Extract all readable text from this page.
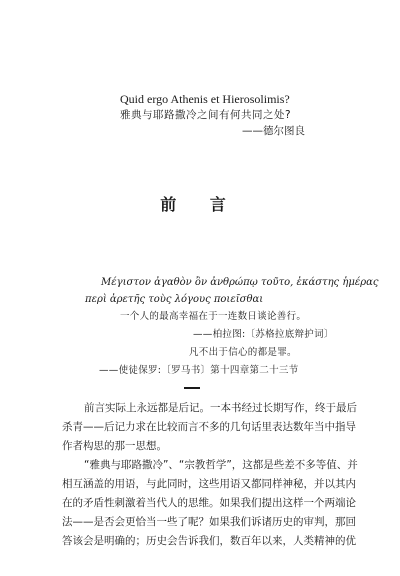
Quid ergo Athenis et Hierosolimis?

雅典与耶路撒冷之间有何共同之处?

——德尔图良

前 言

Μέγιστον ἀγαθὸν ὂν ἀνθρώπῳ τοῦτο, ἑκάστης ἡμέρας

περὶ ἀρετῆς τοὺς λόγους ποιεῖσθαι

一个人的最高幸福在于一连数日谈论善行。

——柏拉图:〔苏格拉底辩护词〕

凡不出于信心的都是罪。

——使徒保罗:〔罗马书〕第十四章第二十三节

前言实际上永远都是后记。一本书经过长期写作，终于最后
杀青——后记力求在比较而言不多的几句话里表达数年当中指导
作者构思的那一思想。

“雅典与耶路撒冷”、“宗教哲学”，这都是些差不多等值、并
相互涵盖的用语，与此同时，这些用语又都同样神秘，并以其内
在的矛盾性刺激着当代人的思维。如果我们提出这样一个两端论
法——是否会更恰当一些了呢？如果我们诉诸历史的审判，那回
答该会是明确的；历史会告诉我们，数百年以来，人类精神的优
